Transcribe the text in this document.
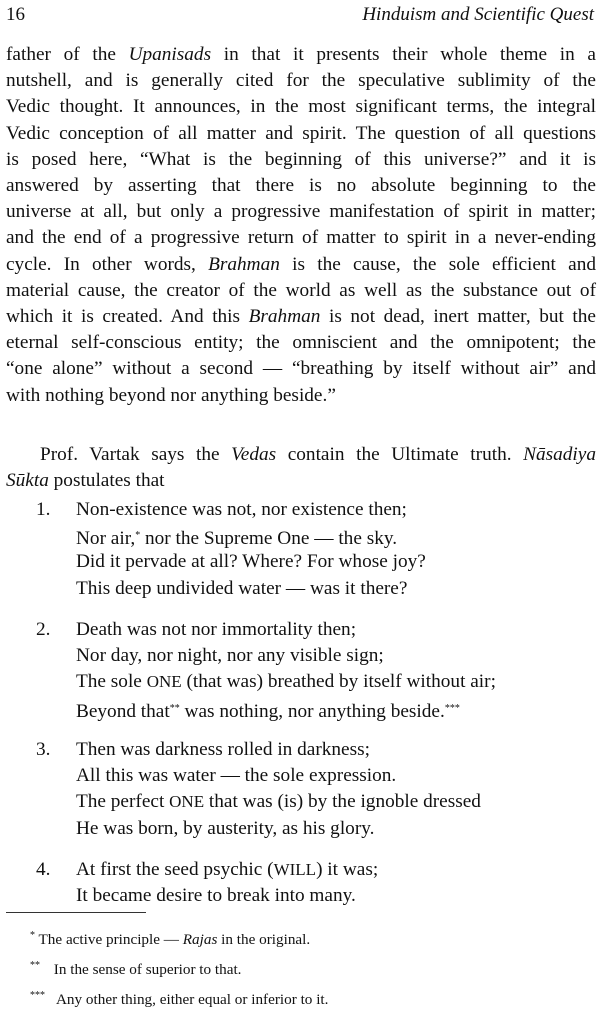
16	Hinduism and Scientific Quest
father of the Upanisads in that it presents their whole theme in a
nutshell, and is generally cited for the speculative sublimity of the
Vedic thought. It announces, in the most significant terms, the integral
Vedic conception of all matter and spirit. The question of all questions
is posed here, “What is the beginning of this universe?” and it is
answered by asserting that there is no absolute beginning to the
universe at all, but only a progressive manifestation of spirit in matter;
and the end of a progressive return of matter to spirit in a never-ending
cycle. In other words, Brahman is the cause, the sole efficient and
material cause, the creator of the world as well as the substance out of
which it is created. And this Brahman is not dead, inert matter, but the
eternal self-conscious entity; the omniscient and the omnipotent; the
“one alone” without a second — “breathing by itself without air” and
with nothing beyond nor anything beside.”
Prof. Vartak says the Vedas contain the Ultimate truth. Nāsadiya
Sūkta postulates that
1. Non-existence was not, nor existence then;
Nor air,* nor the Supreme One — the sky.
Did it pervade at all? Where? For whose joy?
This deep undivided water — was it there?
2. Death was not nor immortality then;
Nor day, nor night, nor any visible sign;
The sole ONE (that was) breathed by itself without air;
Beyond that** was nothing, nor anything beside.***
3. Then was darkness rolled in darkness;
All this was water — the sole expression.
The perfect ONE that was (is) by the ignoble dressed
He was born, by austerity, as his glory.
4. At first the seed psychic (WILL) it was;
It became desire to break into many.
* The active principle — Rajas in the original.
** In the sense of superior to that.
*** Any other thing, either equal or inferior to it.
